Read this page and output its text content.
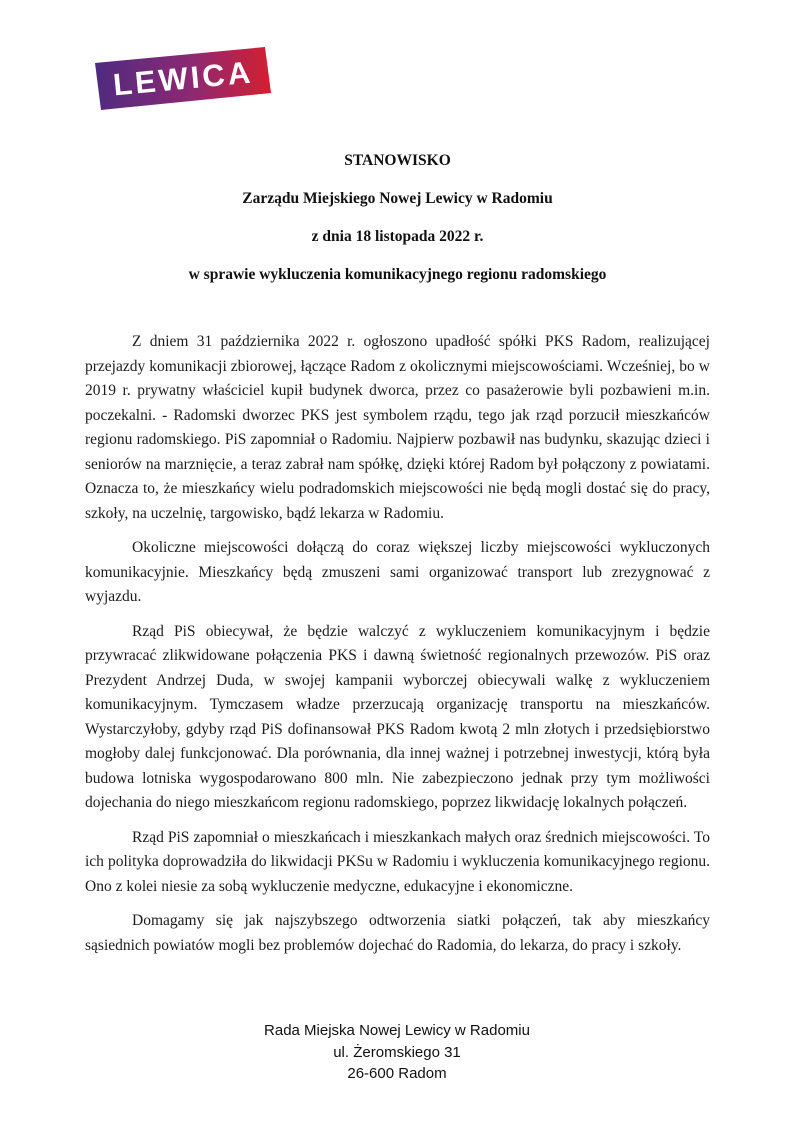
LEWICA

STANOWISKO

Zarządu Miejskiego Nowej Lewicy w Radomiu

z dnia 18 listopada 2022 r.

w sprawie wykluczenia komunikacyjnego regionu radomskiego

Z dniem 31 października 2022 r. ogłoszono upadłość spółki PKS Radom, realizującej przejazdy komunikacji zbiorowej, łączące Radom z okolicznymi miejscowościami. Wcześniej, bo w 2019 r. prywatny właściciel kupił budynek dworca, przez co pasażerowie byli pozbawieni m.in. poczekalni. - Radomski dworzec PKS jest symbolem rządu, tego jak rząd porzucił mieszkańców regionu radomskiego. PiS zapomniał o Radomiu. Najpierw pozbawił nas budynku, skazując dzieci i seniorów na marznięcie, a teraz zabrał nam spółkę, dzięki której Radom był połączony z powiatami. Oznacza to, że mieszkańcy wielu podradomskich miejscowości nie będą mogli dostać się do pracy, szkoły, na uczelnię, targowisko, bądź lekarza w Radomiu.

Okoliczne miejscowości dołączą do coraz większej liczby miejscowości wykluczonych komunikacyjnie. Mieszkańcy będą zmuszeni sami organizować transport lub zrezygnować z wyjazdu.

Rząd PiS obiecywał, że będzie walczyć z wykluczeniem komunikacyjnym i będzie przywracać zlikwidowane połączenia PKS i dawną świetność regionalnych przewozów. PiS oraz Prezydent Andrzej Duda, w swojej kampanii wyborczej obiecywali walkę z wykluczeniem komunikacyjnym. Tymczasem władze przerzucają organizację transportu na mieszkańców. Wystarczyłoby, gdyby rząd PiS dofinansował PKS Radom kwotą 2 mln złotych i przedsiębiorstwo mogłoby dalej funkcjonować. Dla porównania, dla innej ważnej i potrzebnej inwestycji, którą była budowa lotniska wygospodarowano 800 mln. Nie zabezpieczono jednak przy tym możliwości dojechania do niego mieszkańcom regionu radomskiego, poprzez likwidację lokalnych połączeń.

Rząd PiS zapomniał o mieszkańcach i mieszkankach małych oraz średnich miejscowości. To ich polityka doprowadziła do likwidacji PKSu w Radomiu i wykluczenia komunikacyjnego regionu. Ono z kolei niesie za sobą wykluczenie medyczne, edukacyjne i ekonomiczne.

Domagamy się jak najszybszego odtworzenia siatki połączeń, tak aby mieszkańcy sąsiednich powiatów mogli bez problemów dojechać do Radomia, do lekarza, do pracy i szkoły.

Rada Miejska Nowej Lewicy w Radomiu

ul. Żeromskiego 31

26-600 Radom
